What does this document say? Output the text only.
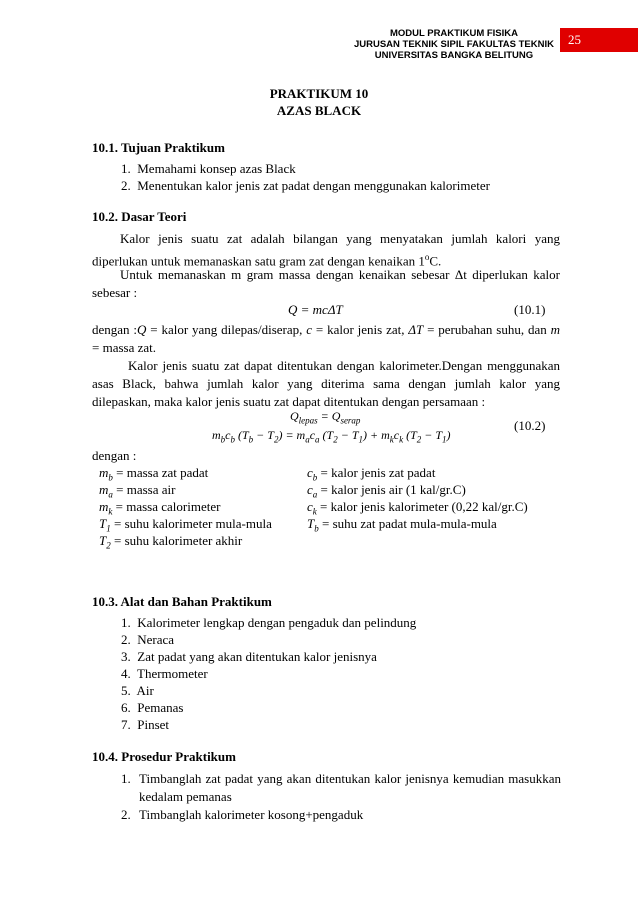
MODUL PRAKTIKUM FISIKA
JURUSAN TEKNIK SIPIL FAKULTAS TEKNIK
UNIVERSITAS BANGKA BELITUNG
25
PRAKTIKUM 10
AZAS BLACK
10.1. Tujuan Praktikum
1.  Memahami konsep azas Black
2.  Menentukan kalor jenis zat padat dengan menggunakan kalorimeter
10.2. Dasar Teori
Kalor jenis suatu zat adalah bilangan yang menyatakan jumlah kalori yang diperlukan untuk memanaskan satu gram zat dengan kenaikan 1$^o$C.
Untuk memanaskan m gram massa dengan kenaikan sebesar Δt diperlukan kalor sebesar :
Q = mcΔT	(10.1)
dengan :Q = kalor yang dilepas/diserap, c = kalor jenis zat, ΔT = perubahan suhu, dan m = massa zat.
Kalor jenis suatu zat dapat ditentukan dengan kalorimeter.Dengan menggunakan asas Black, bahwa jumlah kalor yang diterima sama dengan jumlah kalor yang dilepaskan, maka kalor jenis suatu zat dapat ditentukan dengan persamaan :
$Q_{lepas} = Q_{serap}$
$m_bc_b$ $(T_b - T_2) = m_ac_a$ $(T_2 - T_1) + m_kc_k$ $(T_2 - T_1)$
(10.2)
dengan :
$m_b$ = massa zat padat
$m_a$ = massa air
$m_k$ = massa calorimeter
$T_1$ = suhu kalorimeter mula-mula
$T_2$ = suhu kalorimeter akhir
$c_b$ = kalor jenis zat padat
$c_a$ = kalor jenis air (1 kal/gr.C)
$c_k$ = kalor jenis kalorimeter (0,22 kal/gr.C)
$T_b$ = suhu zat padat mula-mula-mula
10.3. Alat dan Bahan Praktikum
1.  Kalorimeter lengkap dengan pengaduk dan pelindung
2.  Neraca
3.  Zat padat yang akan ditentukan kalor jenisnya
4.  Thermometer
5.  Air
6.  Pemanas
7.  Pinset
10.4. Prosedur Praktikum
1. Timbanglah zat padat yang akan ditentukan kalor jenisnya kemudian masukkan kedalam pemanas
2. Timbanglah kalorimeter kosong+pengaduk
